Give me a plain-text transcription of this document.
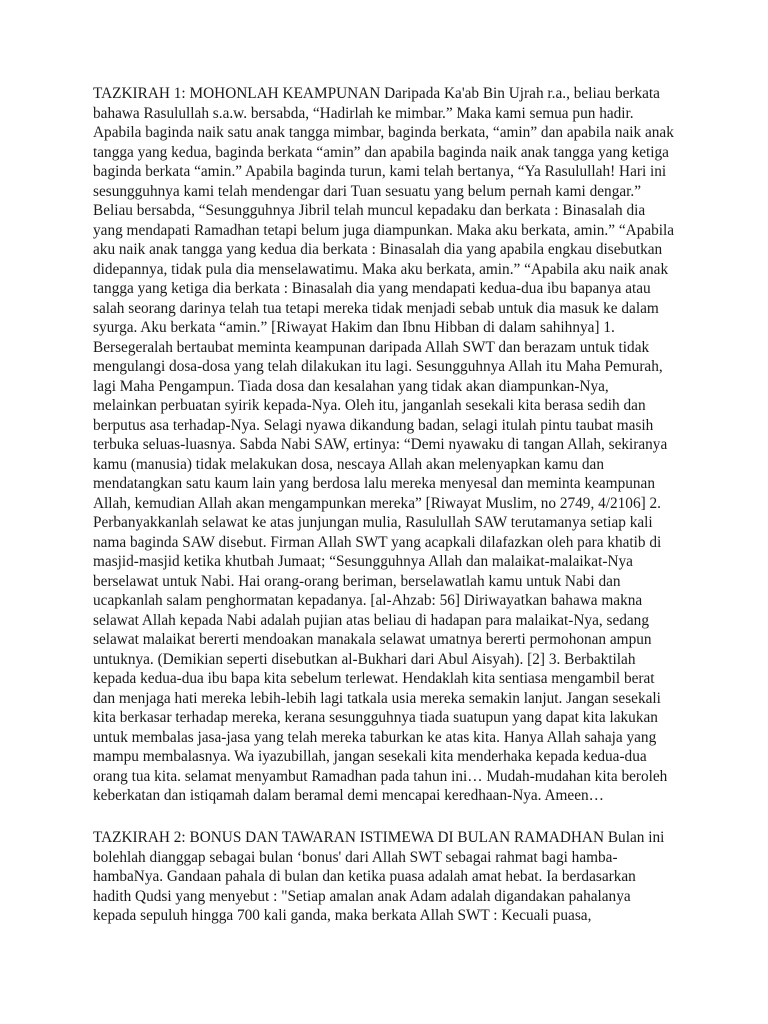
TAZKIRAH 1: MOHONLAH KEAMPUNAN Daripada Ka'ab Bin Ujrah r.a., beliau berkata bahawa Rasulullah s.a.w. bersabda, “Hadirlah ke mimbar.” Maka kami semua pun hadir. Apabila baginda naik satu anak tangga mimbar, baginda berkata, “amin” dan apabila naik anak tangga yang kedua, baginda berkata “amin” dan apabila baginda naik anak tangga yang ketiga baginda berkata “amin.” Apabila baginda turun, kami telah bertanya, “Ya Rasulullah! Hari ini sesungguhnya kami telah mendengar dari Tuan sesuatu yang belum pernah kami dengar.” Beliau bersabda, “Sesungguhnya Jibril telah muncul kepadaku dan berkata : Binasalah dia yang mendapati Ramadhan tetapi belum juga diampunkan. Maka aku berkata, amin.” “Apabila aku naik anak tangga yang kedua dia berkata : Binasalah dia yang apabila engkau disebutkan didepannya, tidak pula dia menselawatimu. Maka aku berkata, amin.” “Apabila aku naik anak tangga yang ketiga dia berkata : Binasalah dia yang mendapati kedua-dua ibu bapanya atau salah seorang darinya telah tua tetapi mereka tidak menjadi sebab untuk dia masuk ke dalam syurga. Aku berkata “amin.” [Riwayat Hakim dan Ibnu Hibban di dalam sahihnya] 1. Bersegeralah bertaubat meminta keampunan daripada Allah SWT dan berazam untuk tidak mengulangi dosa-dosa yang telah dilakukan itu lagi. Sesungguhnya Allah itu Maha Pemurah, lagi Maha Pengampun. Tiada dosa dan kesalahan yang tidak akan diampunkan-Nya, melainkan perbuatan syirik kepada-Nya. Oleh itu, janganlah sesekali kita berasa sedih dan berputus asa terhadap-Nya. Selagi nyawa dikandung badan, selagi itulah pintu taubat masih terbuka seluas-luasnya. Sabda Nabi SAW, ertinya: “Demi nyawaku di tangan Allah, sekiranya kamu (manusia) tidak melakukan dosa, nescaya Allah akan melenyapkan kamu dan mendatangkan satu kaum lain yang berdosa lalu mereka menyesal dan meminta keampunan Allah, kemudian Allah akan mengampunkan mereka” [Riwayat Muslim, no 2749, 4/2106] 2. Perbanyakkanlah selawat ke atas junjungan mulia, Rasulullah SAW terutamanya setiap kali nama baginda SAW disebut. Firman Allah SWT yang acapkali dilafazkan oleh para khatib di masjid-masjid ketika khutbah Jumaat; “Sesungguhnya Allah dan malaikat-malaikat-Nya berselawat untuk Nabi. Hai orang-orang beriman, berselawatlah kamu untuk Nabi dan ucapkanlah salam penghormatan kepadanya. [al-Ahzab: 56] Diriwayatkan bahawa makna selawat Allah kepada Nabi adalah pujian atas beliau di hadapan para malaikat-Nya, sedang selawat malaikat bererti mendoakan manakala selawat umatnya bererti permohonan ampun untuknya. (Demikian seperti disebutkan al-Bukhari dari Abul Aisyah). [2] 3. Berbaktilah kepada kedua-dua ibu bapa kita sebelum terlewat. Hendaklah kita sentiasa mengambil berat dan menjaga hati mereka lebih-lebih lagi tatkala usia mereka semakin lanjut. Jangan sesekali kita berkasar terhadap mereka, kerana sesungguhnya tiada suatupun yang dapat kita lakukan untuk membalas jasa-jasa yang telah mereka taburkan ke atas kita. Hanya Allah sahaja yang mampu membalasnya. Wa iyazubillah, jangan sesekali kita menderhaka kepada kedua-dua orang tua kita. selamat menyambut Ramadhan pada tahun ini… Mudah-mudahan kita beroleh keberkatan dan istiqamah dalam beramal demi mencapai keredhaan-Nya. Ameen…

TAZKIRAH 2: BONUS DAN TAWARAN ISTIMEWA DI BULAN RAMADHAN Bulan ini bolehlah dianggap sebagai bulan ‘bonus' dari Allah SWT sebagai rahmat bagi hamba-hambaNya. Gandaan pahala di bulan dan ketika puasa adalah amat hebat. Ia berdasarkan hadith Qudsi yang menyebut : "Setiap amalan anak Adam adalah digandakan pahalanya kepada sepuluh hingga 700 kali ganda, maka berkata Allah SWT : Kecuali puasa,
